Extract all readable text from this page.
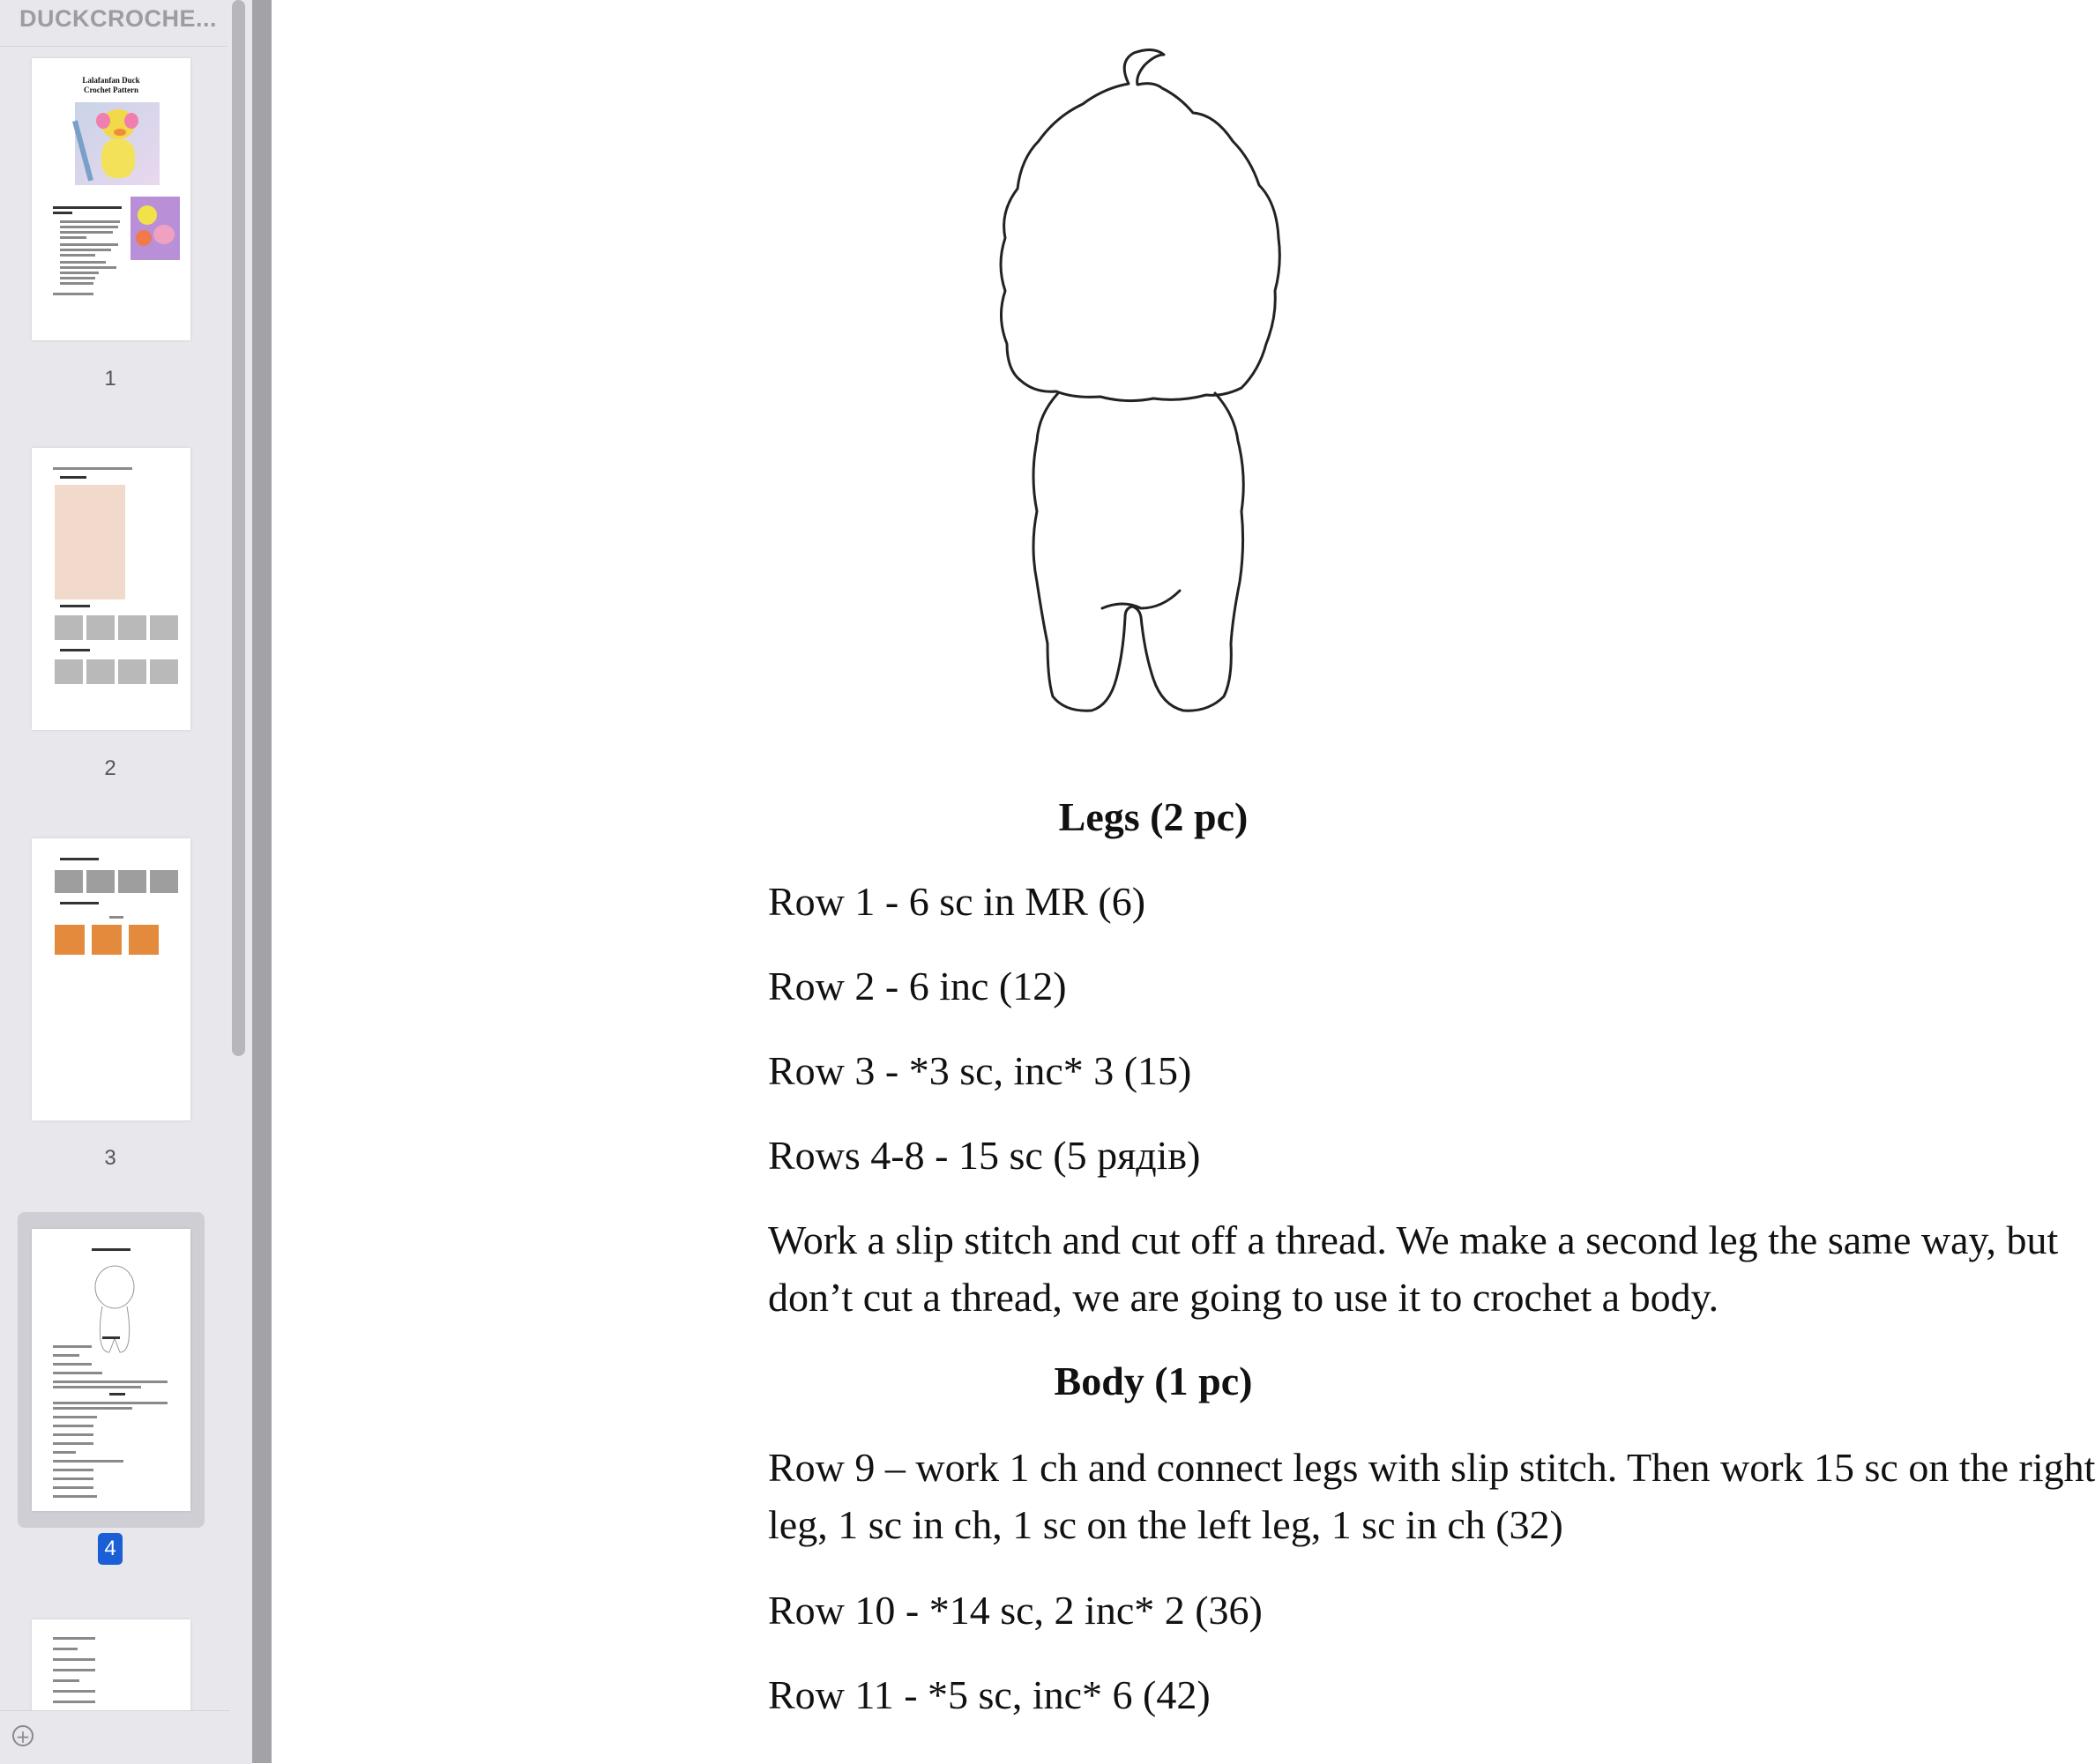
DUCKCROCHE...
Lalafanfan Duck
Crochet Pattern
1
2
3
4
+
Legs (2 pc)
Row 1 - 6 sc in MR (6)
Row 2 - 6 inc (12)
Row 3 - *3 sc, inc* 3 (15)
Rows 4-8 - 15 sc (5 рядів)
Work a slip stitch and cut off a thread. We make a second leg the same way, but
don’t cut a thread, we are going to use it to crochet a body.
Body (1 pc)
Row 9 – work 1 ch and connect legs with slip stitch. Then work 15 sc on the right
leg, 1 sc in ch, 1 sc on the left leg, 1 sc in ch (32)
Row 10 - *14 sc, 2 inc* 2 (36)
Row 11 - *5 sc, inc* 6 (42)
